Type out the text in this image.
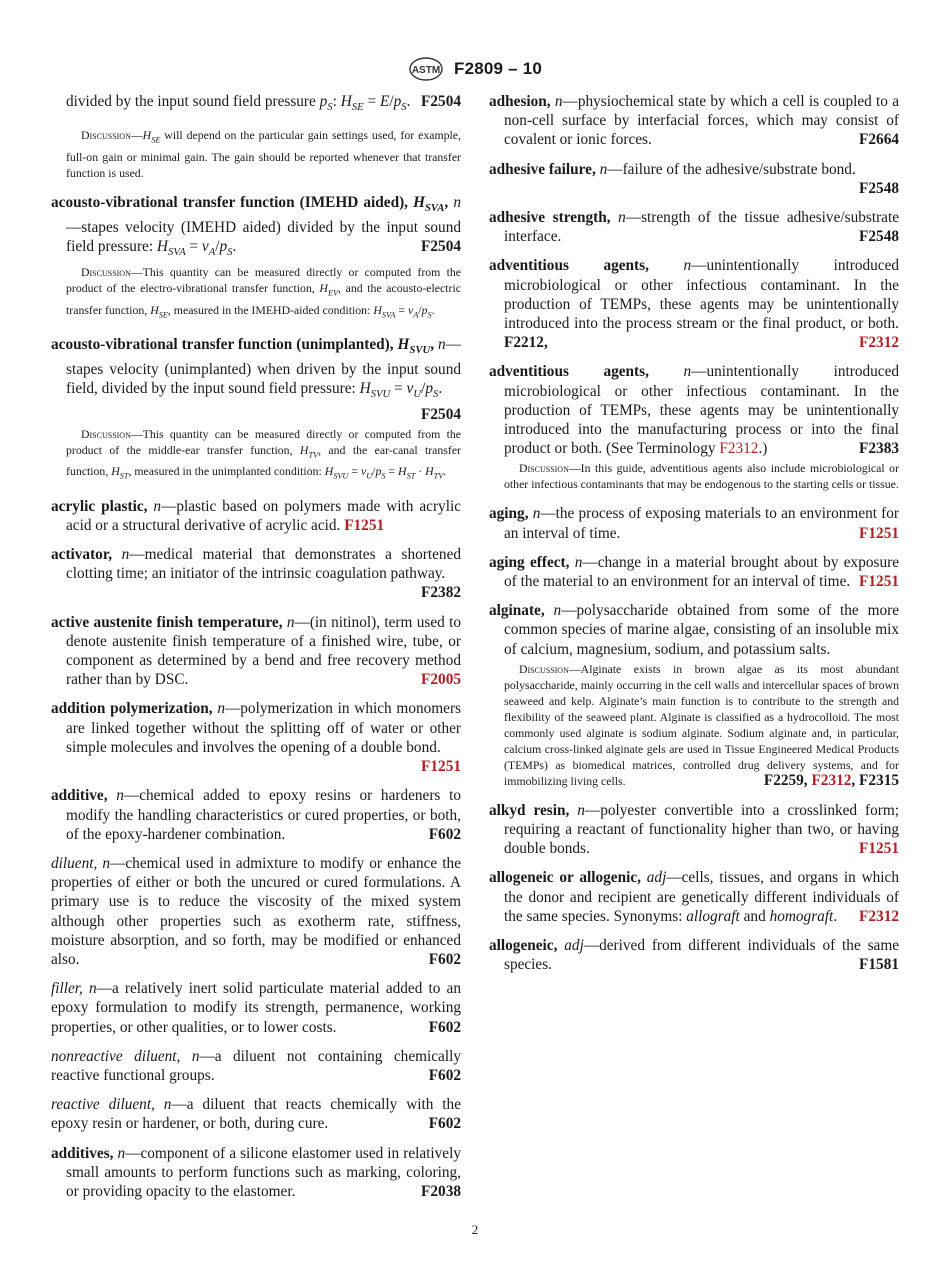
ASTM F2809 – 10
divided by the input sound field pressure $p_S$: $H_{SE} = E/p_S$. F2504
$Discussion—H_{SE}$ will depend on the particular gain settings used, for example, full-on gain or minimal gain. The gain should be reported whenever that transfer function is used.
acousto-vibrational transfer function (IMEHD aided), $H_{SVA}$, n—stapes velocity (IMEHD aided) divided by the input sound field pressure: $H_{SVA} = v_A/p_S$.	F2504
Discussion—This quantity can be measured directly or computed from the product of the electro-vibrational transfer function, $H_{EV}$, and the acousto-electric transfer function, $H_{SE}$, measured in the IMEHD-aided condition: $H_{SVA} = v_A/p_S$.
acousto-vibrational transfer function (unimplanted), $H_{SVU}$, n—stapes velocity (unimplanted) when driven by the input sound field, divided by the input sound field pressure: $H_{SVU} = v_U/p_S$.
F2504
Discussion—This quantity can be measured directly or computed from the product of the middle-ear transfer function, $H_{TV}$, and the ear-canal transfer function, $H_{ST}$, measured in the unimplanted condition: $H_{SVU} = v_U/p_S = H_{ST} \cdot H_{TV}$.
acrylic plastic, n—plastic based on polymers made with acrylic acid or a structural derivative of acrylic acid. F1251
activator, n—medical material that demonstrates a shortened clotting time; an initiator of the intrinsic coagulation pathway.
F2382
active austenite finish temperature, n—(in nitinol), term used to denote austenite finish temperature of a finished wire, tube, or component as determined by a bend and free recovery method rather than by DSC.	F2005
addition polymerization, n—polymerization in which monomers are linked together without the splitting off of water or other simple molecules and involves the opening of a double bond.
F1251
additive, n—chemical added to epoxy resins or hardeners to modify the handling characteristics or cured properties, or both, of the epoxy-hardener combination.	F602
diluent, n—chemical used in admixture to modify or enhance the properties of either or both the uncured or cured formulations. A primary use is to reduce the viscosity of the mixed system although other properties such as exotherm rate, stiffness, moisture absorption, and so forth, may be modified or enhanced also.	F602
filler, n—a relatively inert solid particulate material added to an epoxy formulation to modify its strength, permanence, working properties, or other qualities, or to lower costs.	F602
nonreactive diluent, n—a diluent not containing chemically reactive functional groups.	F602
reactive diluent, n—a diluent that reacts chemically with the epoxy resin or hardener, or both, during cure.	F602
additives, n—component of a silicone elastomer used in relatively small amounts to perform functions such as marking, coloring, or providing opacity to the elastomer.	F2038
adhesion, n—physiochemical state by which a cell is coupled to a non-cell surface by interfacial forces, which may consist of covalent or ionic forces.	F2664
adhesive failure, n—failure of the adhesive/substrate bond.
F2548
adhesive strength, n—strength of the tissue adhesive/substrate interface.	F2548
adventitious agents, n—unintentionally introduced microbiological or other infectious contaminant. In the production of TEMPs, these agents may be unintentionally introduced into the process stream or the final product, or both. F2212,	F2312
adventitious agents, n—unintentionally introduced microbiological or other infectious contaminant. In the production of TEMPs, these agents may be unintentionally introduced into the manufacturing process or into the final product or both. (See Terminology F2312.)	F2383
Discussion—In this guide, adventitious agents also include microbiological or other infectious contaminants that may be endogenous to the starting cells or tissue.
aging, n—the process of exposing materials to an environment for an interval of time.	F1251
aging effect, n—change in a material brought about by exposure of the material to an environment for an interval of time. F1251
alginate, n—polysaccharide obtained from some of the more common species of marine algae, consisting of an insoluble mix of calcium, magnesium, sodium, and potassium salts.
Discussion—Alginate exists in brown algae as its most abundant polysaccharide, mainly occurring in the cell walls and intercellular spaces of brown seaweed and kelp. Alginate’s main function is to contribute to the strength and flexibility of the seaweed plant. Alginate is classified as a hydrocolloid. The most commonly used alginate is sodium alginate. Sodium alginate and, in particular, calcium cross-linked alginate gels are used in Tissue Engineered Medical Products (TEMPs) as biomedical matrices, controlled drug delivery systems, and for immobilizing living cells.	F2259, F2312, F2315
alkyd resin, n—polyester convertible into a crosslinked form; requiring a reactant of functionality higher than two, or having double bonds.	F1251
allogeneic or allogenic, adj—cells, tissues, and organs in which the donor and recipient are genetically different individuals of the same species. Synonyms: allograft and homograft.	F2312
allogeneic, adj—derived from different individuals of the same species.	F1581
2
